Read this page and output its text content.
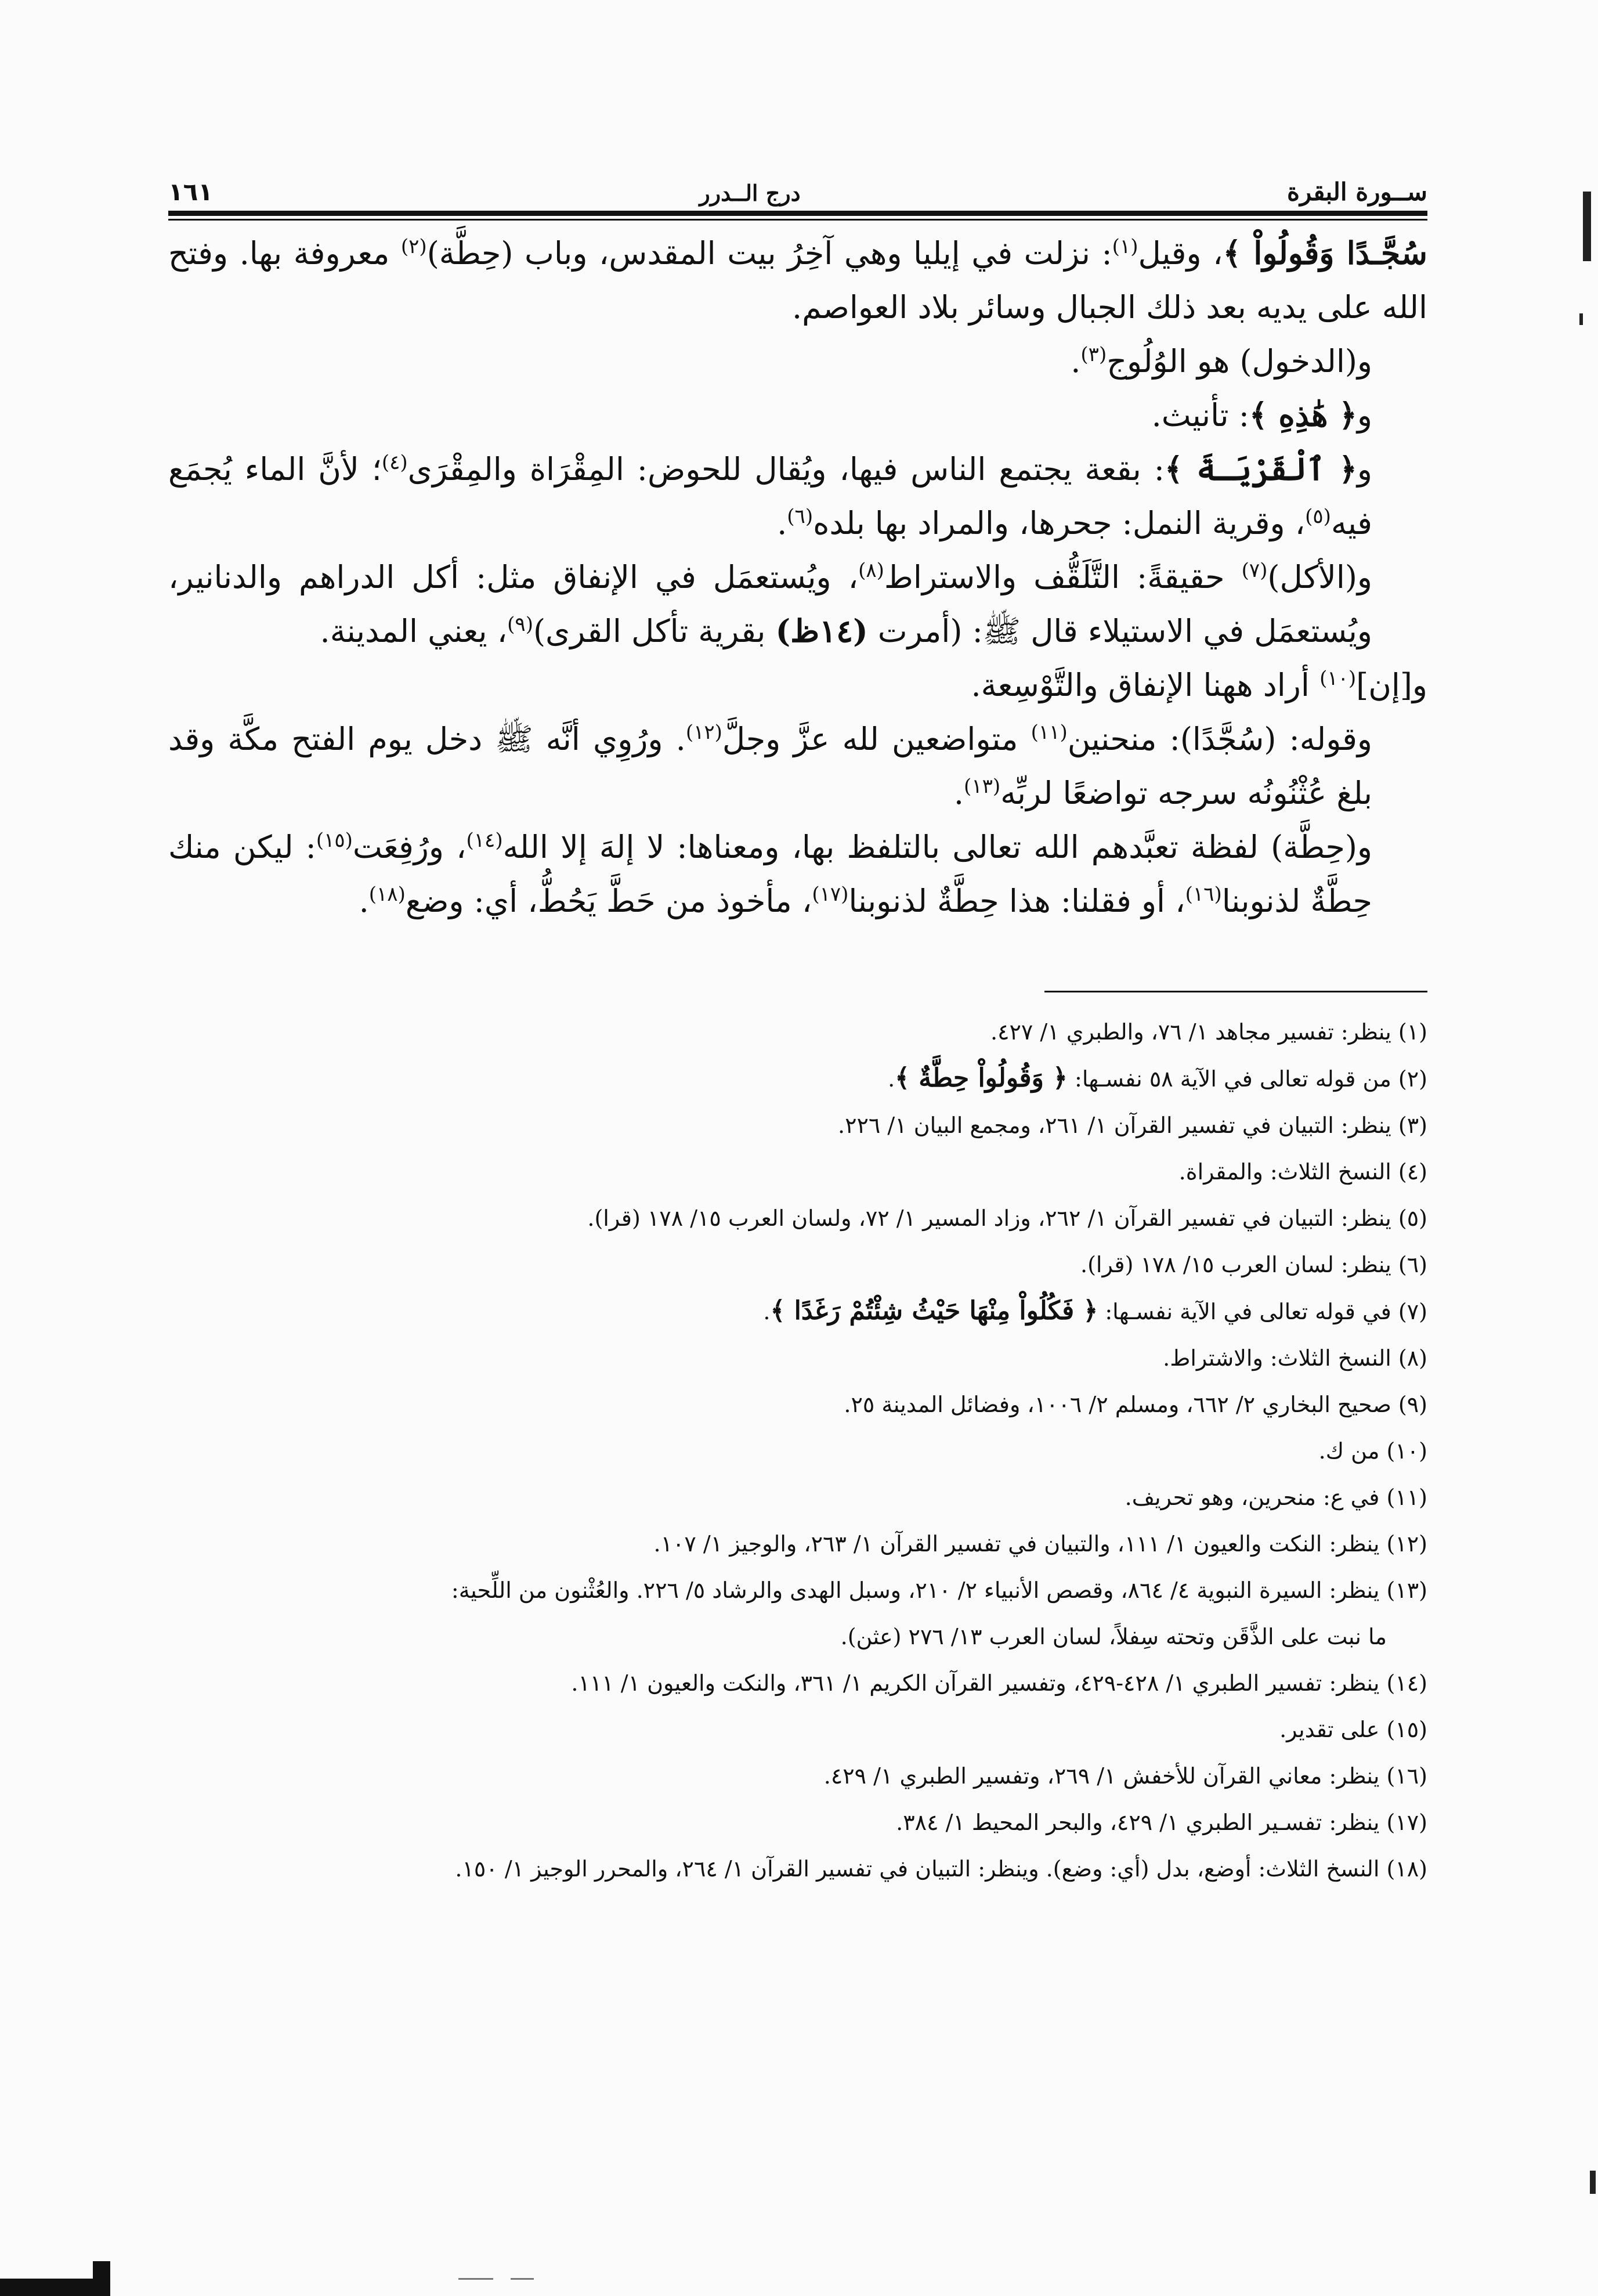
ســورة البقرة
درج الــدرر
١٦١

سُجَّـدًا وَقُولُواْ ﴾، وقيل$^{(١)}$: نزلت في إيليا وهي آخِرُ بيت المقدس، وباب (حِطَّة)$^{(٢)}$ معروفة بها. وفتح الله على يديه بعد ذلك الجبال وسائر بلاد العواصم.

و(الدخول) هو الوُلُوج$^{(٣)}$.

و﴿ هَٰذِهِ ﴾: تأنيث.

و﴿ ٱلْقَرْيَـةَ ﴾: بقعة يجتمع الناس فيها، ويُقال للحوض: المِقْرَاة والمِقْرَى$^{(٤)}$؛ لأنَّ الماء يُجمَع فيه$^{(٥)}$، وقرية النمل: جحرها، والمراد بها بلده$^{(٦)}$.

و(الأكل)$^{(٧)}$ حقيقةً: التَّلَقُّف والاستراط$^{(٨)}$، ويُستعمَل في الإنفاق مثل: أكل الدراهم والدنانير، ويُستعمَل في الاستيلاء قال ﷺ: (أمرت (١٤ظ) بقرية تأكل القرى)$^{(٩)}$، يعني المدينة.

و[إن]$^{(١٠)}$ أراد ههنا الإنفاق والتَّوْسِعة.

وقوله: (سُجَّدًا): منحنين$^{(١١)}$ متواضعين لله عزَّ وجلَّ$^{(١٢)}$. ورُوِي أنَّه ﷺ دخل يوم الفتح مكَّة وقد بلغ عُثْنُونُه سرجه تواضعًا لربِّه$^{(١٣)}$.

و(حِطَّة) لفظة تعبَّدهم الله تعالى بالتلفظ بها، ومعناها: لا إلهَ إلا الله$^{(١٤)}$، ورُفِعَت$^{(١٥)}$: ليكن منك حِطَّةٌ لذنوبنا$^{(١٦)}$، أو فقلنا: هذا حِطَّةٌ لذنوبنا$^{(١٧)}$، مأخوذ من حَطَّ يَحُطُّ، أي: وضع$^{(١٨)}$.

(١) ينظر: تفسير مجاهد ١/ ٧٦، والطبري ١/ ٤٢٧.

(٢) من قوله تعالى في الآية ٥٨ نفسـها: ﴿ وَقُولُواْ حِطَّةٌ ﴾.

(٣) ينظر: التبيان في تفسير القرآن ١/ ٢٦١، ومجمع البيان ١/ ٢٢٦.

(٤) النسخ الثلاث: والمقراة.

(٥) ينظر: التبيان في تفسير القرآن ١/ ٢٦٢، وزاد المسير ١/ ٧٢، ولسان العرب ١٥/ ١٧٨ (قرا).

(٦) ينظر: لسان العرب ١٥/ ١٧٨ (قرا).

(٧) في قوله تعالى في الآية نفسـها: ﴿ فَكُلُواْ مِنْهَا حَيْثُ شِئْتُمْ رَغَدًا ﴾.

(٨) النسخ الثلاث: والاشتراط.

(٩) صحيح البخاري ٢/ ٦٦٢، ومسلم ٢/ ١٠٠٦، وفضائل المدينة ٢٥.

(١٠) من ك.

(١١) في ع: منحرين، وهو تحريف.

(١٢) ينظر: النكت والعيون ١/ ١١١، والتبيان في تفسير القرآن ١/ ٢٦٣، والوجيز ١/ ١٠٧.

(١٣) ينظر: السيرة النبوية ٤/ ٨٦٤، وقصص الأنبياء ٢/ ٢١٠، وسبل الهدى والرشاد ٥/ ٢٢٦. والعُثْنون من اللِّحية:

ما نبت على الذَّقَن وتحته سِفلاً، لسان العرب ١٣/ ٢٧٦ (عثن).

(١٤) ينظر: تفسير الطبري ١/ ٤٢٨-٤٢٩، وتفسير القرآن الكريم ١/ ٣٦١، والنكت والعيون ١/ ١١١.

(١٥) على تقدير.

(١٦) ينظر: معاني القرآن للأخفش ١/ ٢٦٩، وتفسير الطبري ١/ ٤٢٩.

(١٧) ينظر: تفسـير الطبري ١/ ٤٢٩، والبحر المحيط ١/ ٣٨٤.

(١٨) النسخ الثلاث: أوضع، بدل (أي: وضع). وينظر: التبيان في تفسير القرآن ١/ ٢٦٤، والمحرر الوجيز ١/ ١٥٠.
